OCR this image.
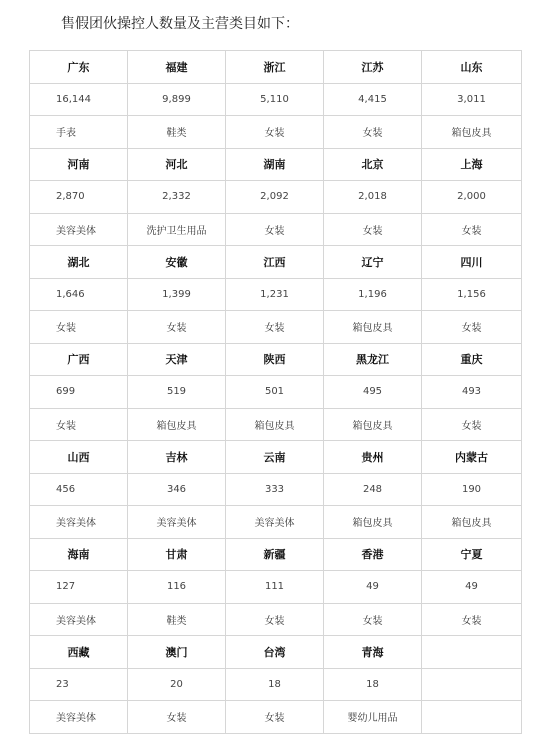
售假团伙操控人数量及主营类目如下：
广东	福建	浙江	江苏	山东
16,144	9,899	5,110	4,415	3,011
手表	鞋类	女装	女装	箱包皮具
河南	河北	湖南	北京	上海
2,870	2,332	2,092	2,018	2,000
美容美体	洗护卫生用品	女装	女装	女装
湖北	安徽	江西	辽宁	四川
1,646	1,399	1,231	1,196	1,156
女装	女装	女装	箱包皮具	女装
广西	天津	陕西	黑龙江	重庆
699	519	501	495	493
女装	箱包皮具	箱包皮具	箱包皮具	女装
山西	吉林	云南	贵州	内蒙古
456	346	333	248	190
美容美体	美容美体	美容美体	箱包皮具	箱包皮具
海南	甘肃	新疆	香港	宁夏
127	116	111	49	49
美容美体	鞋类	女装	女装	女装
西藏	澳门	台湾	青海	
23	20	18	18	
美容美体	女装	女装	婴幼儿用品	
